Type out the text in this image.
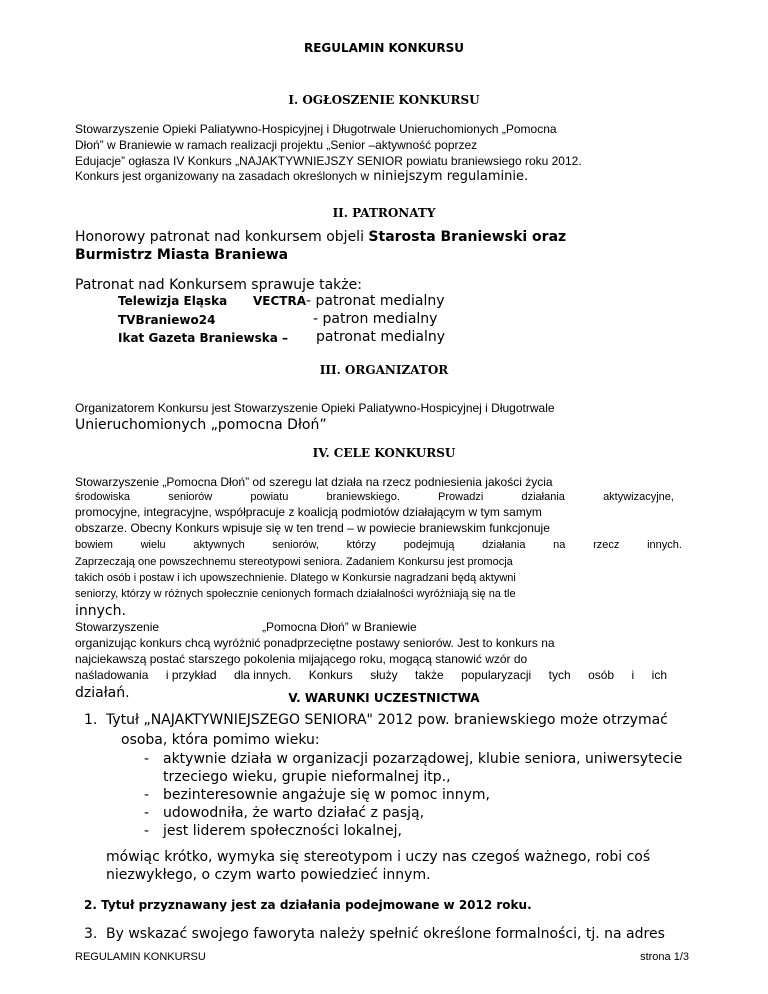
REGULAMIN KONKURSU
I. OGŁOSZENIE KONKURSU
Stowarzyszenie Opieki Paliatywno-Hospicyjnej i Długotrwale Unieruchomionych „Pomocna
Dłoń” w Braniewie w ramach realizacji projektu „Senior –aktywność poprzez
Edujacje” ogłasza IV Konkurs „NAJAKTYWNIEJSZY SENIOR powiatu braniewsiego roku 2012.
Konkurs jest organizowany na zasadach określonych w niniejszym regulaminie.
II. PATRONATY
Honorowy patronat nad konkursem objeli Starosta Braniewski oraz
Burmistrz Miasta Braniewa
Patronat nad Konkursem sprawuje także:
Telewizja Eląska VECTRA - patronat medialny
TVBraniewo24	- patron medialny
Ikat Gazeta Braniewska – patronat medialny
III. ORGANIZATOR
Organizatorem Konkursu jest Stowarzyszenie Opieki Paliatywno-Hospicyjnej i Długotrwale
Unieruchomionych „pomocna Dłoń”
IV. CELE KONKURSU
Stowarzyszenie „Pomocna Dłoń” od szeregu lat działa na rzecz podniesienia jakości życia
środowiska	seniorów	powiatu	braniewskiego.	Prowadzi	działania	aktywizacyjne,
promocyjne, integracyjne, współpracuje z koalicją podmiotów działającym w tym samym
obszarze. Obecny Konkurs wpisuje się w ten trend – w powiecie braniewskim funkcjonuje
bowiem	wielu	aktywnych	seniorów,	którzy	podejmują	działania	na	rzecz	innych.
Zaprzeczają one powszechnemu stereotypowi seniora. Zadaniem Konkursu jest promocja
takich osób i postaw i ich upowszechnienie. Dlatego w Konkursie nagradzani będą aktywni
seniorzy, którzy w różnych społecznie cenionych formach działalności wyróżniają się na tle
innych.
Stowarzyszenie	„Pomocna Dłoń” w Braniewie
organizując konkurs chcą wyróżnić ponadprzeciętne postawy seniorów. Jest to konkurs na
najciekawszą postać starszego pokolenia mijającego roku, mogącą stanowić wzór do
naśladowania i przykład dla innych. Konkurs służy także popularyzacji tych osób i ich
działań.	V. WARUNKI UCZESTNICTWA
1. Tytuł „NAJAKTYWNIEJSZEGO SENIORA" 2012 pow. braniewskiego może otrzymać
osoba, która pomimo wieku:
- aktywnie działa w organizacji pozarządowej, klubie seniora, uniwersytecie
trzeciego wieku, grupie nieformalnej itp.,
- bezinteresownie angażuje się w pomoc innym,
- udowodniła, że warto działać z pasją,
- jest liderem społeczności lokalnej,
mówiąc krótko, wymyka się stereotypom i uczy nas czegoś ważnego, robi coś
niezwykłego, o czym warto powiedzieć innym.
2. Tytuł przyznawany jest za działania podejmowane w 2012 roku.
3. By wskazać swojego faworyta należy spełnić określone formalności, tj. na adres
REGULAMIN KONKURSU	strona 1/3
